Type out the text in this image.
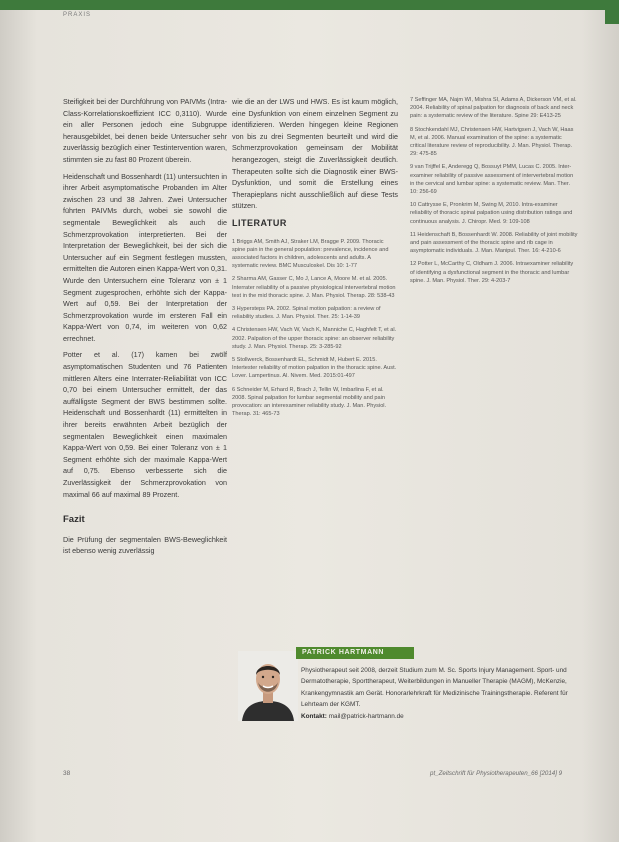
PRAXIS

Steifigkeit bei der Durchführung von PAIVMs (Intra-Class-Korrelationskoeffizient ICC 0,3110). Wurde ein aller Personen jedoch eine Subgruppe herausgebildet, bei denen beide Untersucher sehr zuverlässig bezüglich einer Testintervention waren, stimmten sie zu fast 80 Prozent überein.

Heidenschaft und Bossenhardt (11) untersuchten in ihrer Arbeit asymptomatische Probanden im Alter zwischen 23 und 38 Jahren. Zwei Untersucher führten PAIVMs durch, wobei sie sowohl die segmentale Beweglichkeit als auch die Schmerzprovokation interpretierten. Bei der Interpretation der Beweglichkeit, bei der sich die Untersucher auf ein Segment festlegen mussten, ermittelten die Autoren einen Kappa-Wert von 0,31. Wurde den Untersuchern eine Toleranz von ± 1 Segment zugesprochen, erhöhte sich der Kappa-Wert auf 0,59. Bei der Interpretation der Schmerzprovokation wurde im ersteren Fall ein Kappa-Wert von 0,74, im weiteren von 0,62 errechnet.

Potter et al. (17) kamen bei zwölf asymptomatischen Studenten und 76 Patienten mittleren Alters eine Interrater-Reliabilität von ICC 0,70 bei einem Untersucher ermittelt, der das auffälligste Segment der BWS bestimmen sollte. Heidenschaft und Bossenhardt (11) ermittelten in ihrer bereits erwähnten Arbeit bezüglich der segmentalen Beweglichkeit einen maximalen Kappa-Wert von 0,59. Bei einer Toleranz von ± 1 Segment erhöhte sich der maximale Kappa-Wert auf 0,75. Ebenso verbesserte sich die Zuverlässigkeit der Schmerzprovokation von maximal 66 auf maximal 89 Prozent.

Fazit

Die Prüfung der segmentalen BWS-Beweglichkeit ist ebenso wenig zuverlässig

wie die an der LWS und HWS. Es ist kaum möglich, eine Dysfunktion von einem einzelnen Segment zu identifizieren. Werden hingegen kleine Regionen von bis zu drei Segmenten beurteilt und wird die Schmerzprovokation gemeinsam der Mobilität herangezogen, steigt die Zuverlässigkeit deutlich. Therapeuten sollte sich die Diagnostik einer BWS-Dysfunktion, und somit die Erstellung eines Therapieplans nicht ausschließlich auf diese Tests stützen.

LITERATUR

1 Briggs AM, Smith AJ, Straker LM, Bragge P. 2009. Thoracic spine pain in the general population: prevalence, incidence and associated factors in children, adolescents and adults. A systematic review. BMC Musculoskel. Dis 10: 1-77

2 Sharma AM, Gasser C, Mo J, Lance A, Moore M. et al. 2005. Interrater reliability of a passive physiological intervertebral motion test in the mid thoracic spine. J. Man. Physiol. Therap. 28: 538-43

3 Hypersteps PA. 2002. Spinal motion palpation: a review of reliability studies. J. Man. Physiol. Ther. 25: 1-14-39

4 Christensen HW, Vach W, Vach K, Manniche C, Haghfelt T, et al. 2002. Palpation of the upper thoracic spine: an observer reliability study. J. Man. Physiol. Therap. 25: 3-285-92

5 Stollwerck, Bossenhardt EL, Schmidt M, Hubert E. 2015. Intertester reliability of motion palpation in the thoracic spine. Aust. Lover. Lampertinus. Al. Nivem. Med. 2015:01-497

6 Schneider M, Erhard R, Brach J, Tellin W, Imbarlina F, et al. 2008. Spinal palpation for lumbar segmental mobility and pain provocation: an interexaminer reliability study. J. Man. Physiol. Therap. 31: 465-73

7 Seffinger MA, Najm WI, Mishra SI, Adams A, Dickerson VM, et al. 2004. Reliability of spinal palpation for diagnosis of back and neck pain: a systematic review of the literature. Spine 29: E413-25

8 Stochkendahl MJ, Christensen HW, Hartvigsen J, Vach W, Haas M, et al. 2006. Manual examination of the spine: a systematic critical literature review of reproducibility. J. Man. Physiol. Therap. 29: 475-85

9 van Trijffel E, Anderegg Q, Bossuyt PMM, Lucas C. 2005. Inter-examiner reliability of passive assessment of intervertebral motion in the cervical and lumbar spine: a systematic review. Man. Ther. 10: 256-69

10 Cattrysse E, Pronkrim M, Swing M, 2010. Intra-examiner reliability of thoracic spinal palpation using distribution ratings and continuous analysis. J. Chiropr. Med. 9: 109-108

11 Heidenschaft B, Bossenhardt W. 2008. Reliability of joint mobility and pain assessment of the thoracic spine and rib cage in asymptomatic individuals. J. Man. Manipul. Ther. 16: 4-210-6

12 Potter L, McCarthy C, Oldham J. 2006. Intraexaminer reliability of identifying a dysfunctional segment in the thoracic and lumbar spine. J. Man. Physiol. Ther. 29: 4-203-7

PATRICK HARTMANN
Physiotherapeut seit 2008, derzeit Studium zum M. Sc. Sports Injury Management. Sport- und Dermatotherapie, Sporttherapeut, Weiterbildungen in Manueller Therapie (MAGM), McKenzie, Krankengymnastik am Gerät. Honorarlehrkraft für Medizinische Trainingstherapie. Referent für Lehrteam der KGMT.
Kontakt: mail@patrick-hartmann.de
38	pt_Zeitschrift für Physiotherapeuten_66 [2014] 9
